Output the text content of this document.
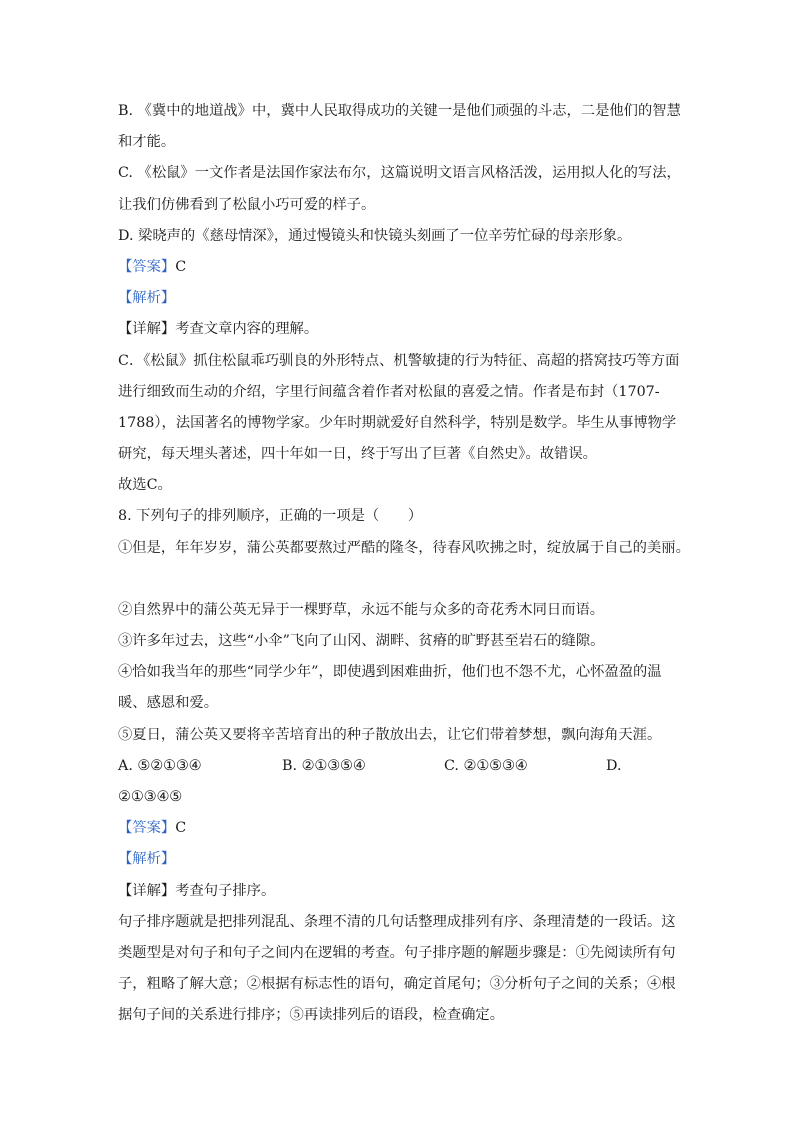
B. 《冀中的地道战》中，冀中人民取得成功的关键一是他们顽强的斗志，二是他们的智慧
和才能。
C. 《松鼠》一文作者是法国作家法布尔，这篇说明文语言风格活泼，运用拟人化的写法，
让我们仿佛看到了松鼠小巧可爱的样子。
D. 梁晓声的《慈母情深》，通过慢镜头和快镜头刻画了一位辛劳忙碌的母亲形象。
【答案】C
【解析】
【详解】考查文章内容的理解。
C．《松鼠》抓住松鼠乖巧驯良的外形特点、机警敏捷的行为特征、高超的搭窝技巧等方面
进行细致而生动的介绍，字里行间蕴含着作者对松鼠的喜爱之情。作者是布封（1707-
1788），法国著名的博物学家。少年时期就爱好自然科学，特别是数学。毕生从事博物学
研究，每天埋头著述，四十年如一日，终于写出了巨著《自然史》。故错误。
故选C。
8. 下列句子的排列顺序，正确的一项是（　　）
①但是，年年岁岁，蒲公英都要熬过严酷的隆冬，待春风吹拂之时，绽放属于自己的美丽。
②自然界中的蒲公英无异于一棵野草，永远不能与众多的奇花秀木同日而语。
③许多年过去，这些“小伞”飞向了山冈、湖畔、贫瘠的旷野甚至岩石的缝隙。
④恰如我当年的那些“同学少年”，即使遇到困难曲折，他们也不怨不尤，心怀盈盈的温
暖、感恩和爱。
⑤夏日，蒲公英又要将辛苦培育出的种子散放出去，让它们带着梦想，飘向海角天涯。
A. ⑤②①③④	B. ②①③⑤④	C. ②①⑤③④	D.
②①③④⑤
【答案】C
【解析】
【详解】考查句子排序。
句子排序题就是把排列混乱、条理不清的几句话整理成排列有序、条理清楚的一段话。这
类题型是对句子和句子之间内在逻辑的考查。句子排序题的解题步骤是：①先阅读所有句
子，粗略了解大意；②根据有标志性的语句，确定首尾句；③分析句子之间的关系；④根
据句子间的关系进行排序；⑤再读排列后的语段，检查确定。
